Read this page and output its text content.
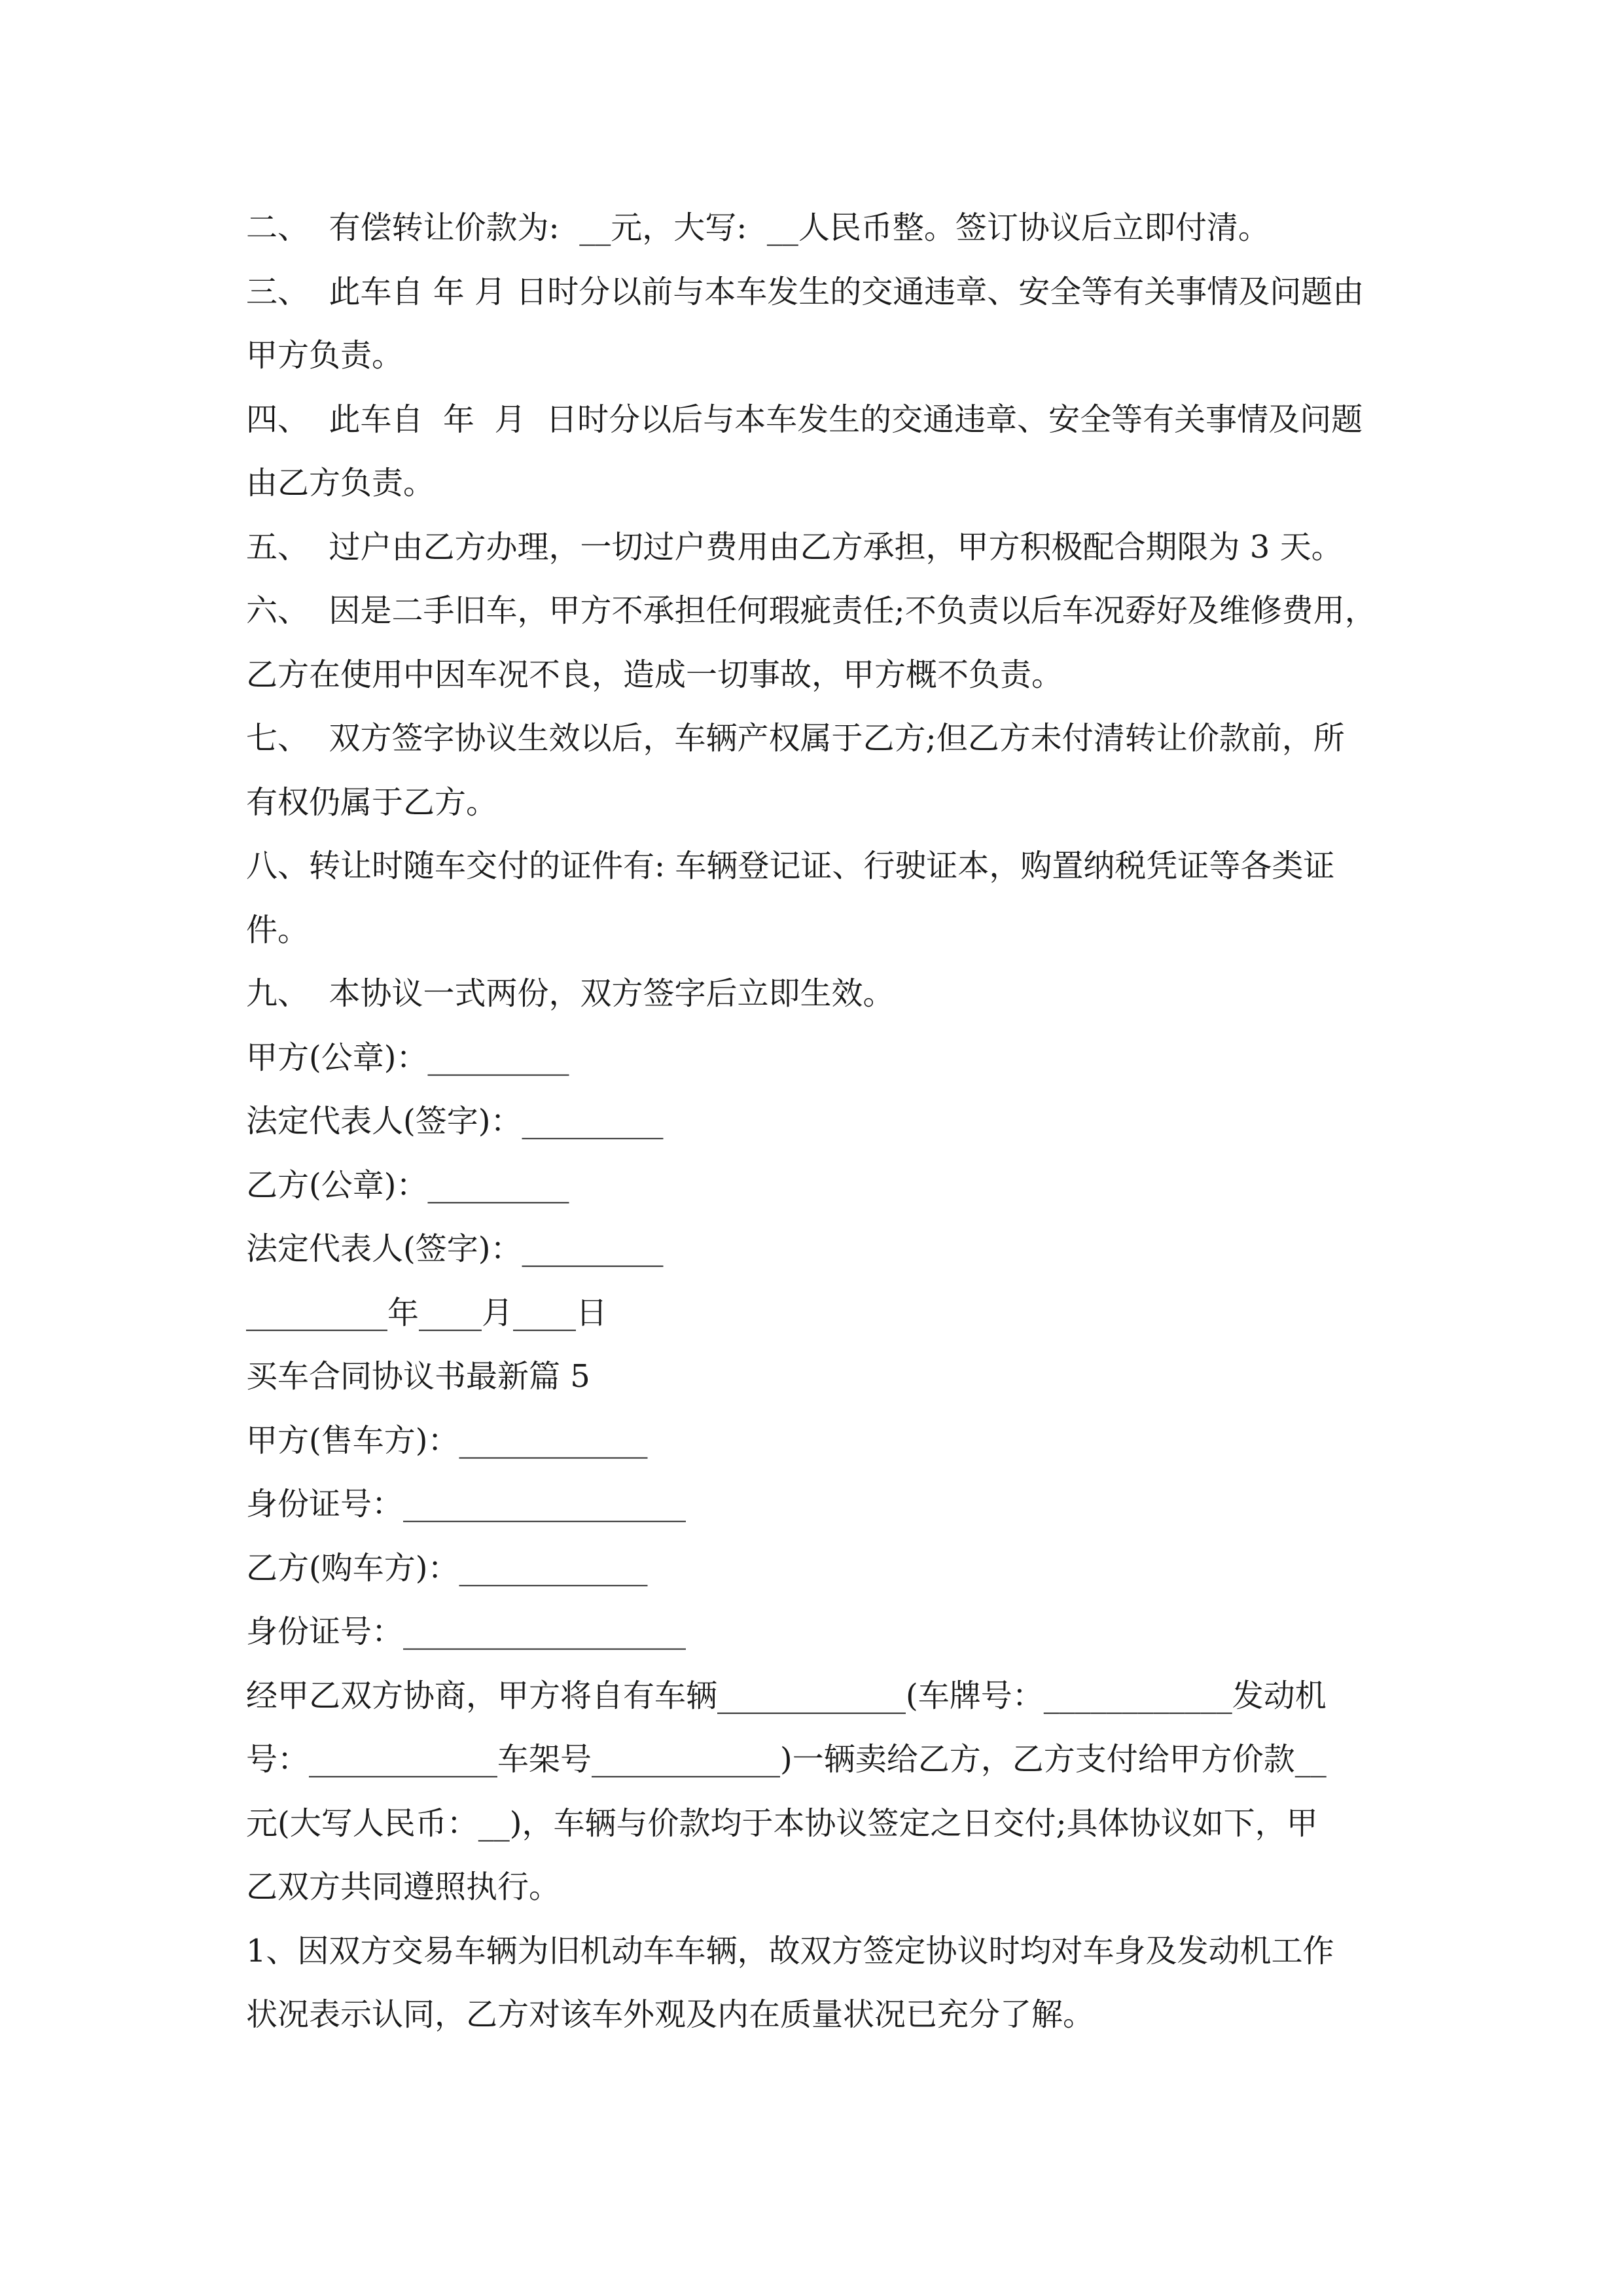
二、  有偿转让价款为:  __元，大写:  __人民币整。签订协议后立即付清。
三、  此车自 年 月 日时分以前与本车发生的交通违章、安全等有关事情及问题由
甲方负责。
四、  此车自  年  月  日时分以后与本车发生的交通违章、安全等有关事情及问题
由乙方负责。
五、  过户由乙方办理，一切过户费用由乙方承担，甲方积极配合期限为 3 天。
六、  因是二手旧车，甲方不承担任何瑕疵责任;不负责以后车况孬好及维修费用，
乙方在使用中因车况不良，造成一切事故，甲方概不负责。
七、  双方签字协议生效以后，车辆产权属于乙方;但乙方未付清转让价款前，所
有权仍属于乙方。
八、转让时随车交付的证件有: 车辆登记证、行驶证本，购置纳税凭证等各类证
件。
九、  本协议一式两份，双方签字后立即生效。
甲方(公章)：_________
法定代表人(签字)：_________
乙方(公章)：_________
法定代表人(签字)：_________
_________年____月____日
买车合同协议书最新篇 5
甲方(售车方)：____________
身份证号：__________________
乙方(购车方)：____________
身份证号：__________________
经甲乙双方协商，甲方将自有车辆____________(车牌号：____________发动机
号：____________车架号____________)一辆卖给乙方，乙方支付给甲方价款__
元(大写人民币：__)，车辆与价款均于本协议签定之日交付;具体协议如下，甲
乙双方共同遵照执行。
1、因双方交易车辆为旧机动车车辆，故双方签定协议时均对车身及发动机工作
状况表示认同，乙方对该车外观及内在质量状况已充分了解。
